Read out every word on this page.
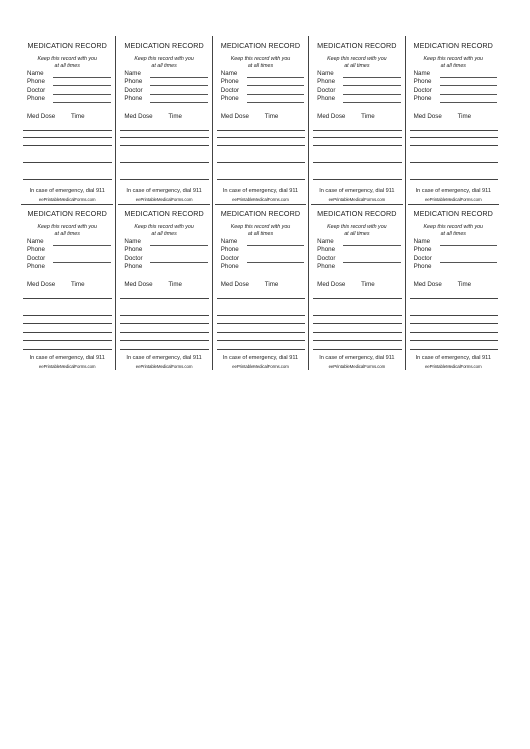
MEDICATION RECORD
Keep this record with you
at all times
Name
Phone
Doctor
Phone
Med Dose	Time
In case of emergency, dial 911
eePrintableMedicalForms.com
MEDICATION RECORD
Keep this record with you
at all times
Name
Phone
Doctor
Phone
Med Dose	Time
In case of emergency, dial 911
eePrintableMedicalForms.com
MEDICATION RECORD
Keep this record with you
at all times
Name
Phone
Doctor
Phone
Med Dose	Time
In case of emergency, dial 911
eePrintableMedicalForms.com
MEDICATION RECORD
Keep this record with you
at all times
Name
Phone
Doctor
Phone
Med Dose	Time
In case of emergency, dial 911
eePrintableMedicalForms.com
MEDICATION RECORD
Keep this record with you
at all times
Name
Phone
Doctor
Phone
Med Dose	Time
In case of emergency, dial 911
eePrintableMedicalForms.com
MEDICATION RECORD
Keep this record with you
at all times
Name
Phone
Doctor
Phone
Med Dose	Time
In case of emergency, dial 911
eePrintableMedicalForms.com
MEDICATION RECORD
Keep this record with you
at all times
Name
Phone
Doctor
Phone
Med Dose	Time
In case of emergency, dial 911
eePrintableMedicalForms.com
MEDICATION RECORD
Keep this record with you
at all times
Name
Phone
Doctor
Phone
Med Dose	Time
In case of emergency, dial 911
eePrintableMedicalForms.com
MEDICATION RECORD
Keep this record with you
at all times
Name
Phone
Doctor
Phone
Med Dose	Time
In case of emergency, dial 911
eePrintableMedicalForms.com
MEDICATION RECORD
Keep this record with you
at all times
Name
Phone
Doctor
Phone
Med Dose	Time
In case of emergency, dial 911
eePrintableMedicalForms.com
